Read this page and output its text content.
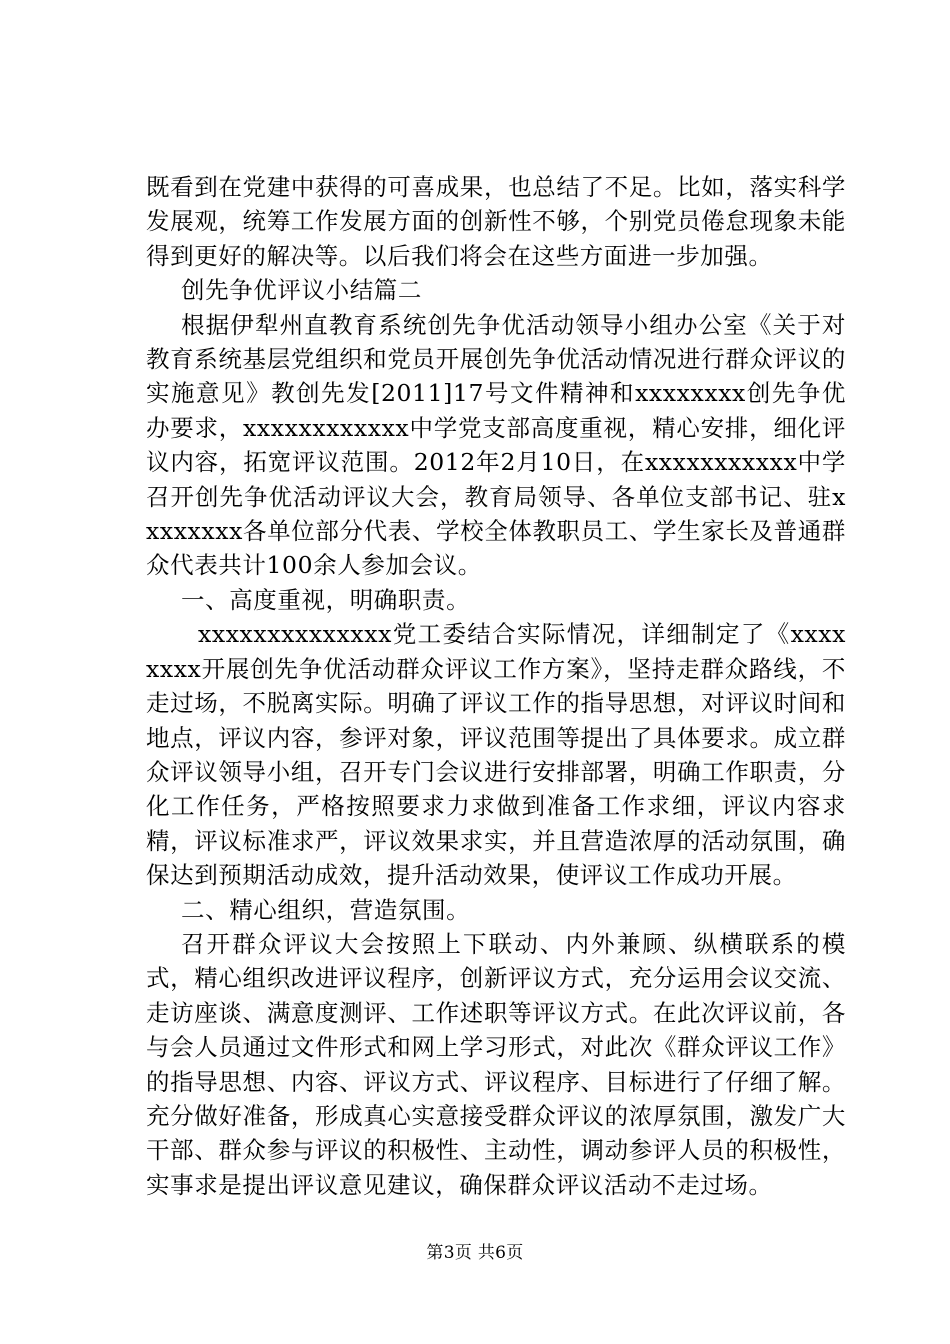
既看到在党建中获得的可喜成果，也总结了不足。比如，落实科学发展观，统筹工作发展方面的创新性不够，个别党员倦怠现象未能得到更好的解决等。以后我们将会在这些方面进一步加强。

创先争优评议小结篇二

根据伊犁州直教育系统创先争优活动领导小组办公室《关于对教育系统基层党组织和党员开展创先争优活动情况进行群众评议的实施意见》教创先发[2011]17号文件精神和xxxxxxxx创先争优办要求，xxxxxxxxxxxx中学党支部高度重视，精心安排，细化评议内容，拓宽评议范围。2012年2月10日，在xxxxxxxxxxx中学召开创先争优活动评议大会，教育局领导、各单位支部书记、驻xxxxxxxx各单位部分代表、学校全体教职员工、学生家长及普通群众代表共计100余人参加会议。

一、高度重视，明确职责。

xxxxxxxxxxxxxx党工委结合实际情况，详细制定了《xxxxxxxx开展创先争优活动群众评议工作方案》，坚持走群众路线，不走过场，不脱离实际。明确了评议工作的指导思想，对评议时间和地点，评议内容，参评对象，评议范围等提出了具体要求。成立群众评议领导小组，召开专门会议进行安排部署，明确工作职责，分化工作任务，严格按照要求力求做到准备工作求细，评议内容求精，评议标准求严，评议效果求实，并且营造浓厚的活动氛围，确保达到预期活动成效，提升活动效果，使评议工作成功开展。

二、精心组织，营造氛围。

召开群众评议大会按照上下联动、内外兼顾、纵横联系的模式，精心组织改进评议程序，创新评议方式，充分运用会议交流、走访座谈、满意度测评、工作述职等评议方式。在此次评议前，各与会人员通过文件形式和网上学习形式，对此次《群众评议工作》的指导思想、内容、评议方式、评议程序、目标进行了仔细了解。充分做好准备，形成真心实意接受群众评议的浓厚氛围，激发广大干部、群众参与评议的积极性、主动性，调动参评人员的积极性，实事求是提出评议意见建议，确保群众评议活动不走过场。

第3页 共6页
